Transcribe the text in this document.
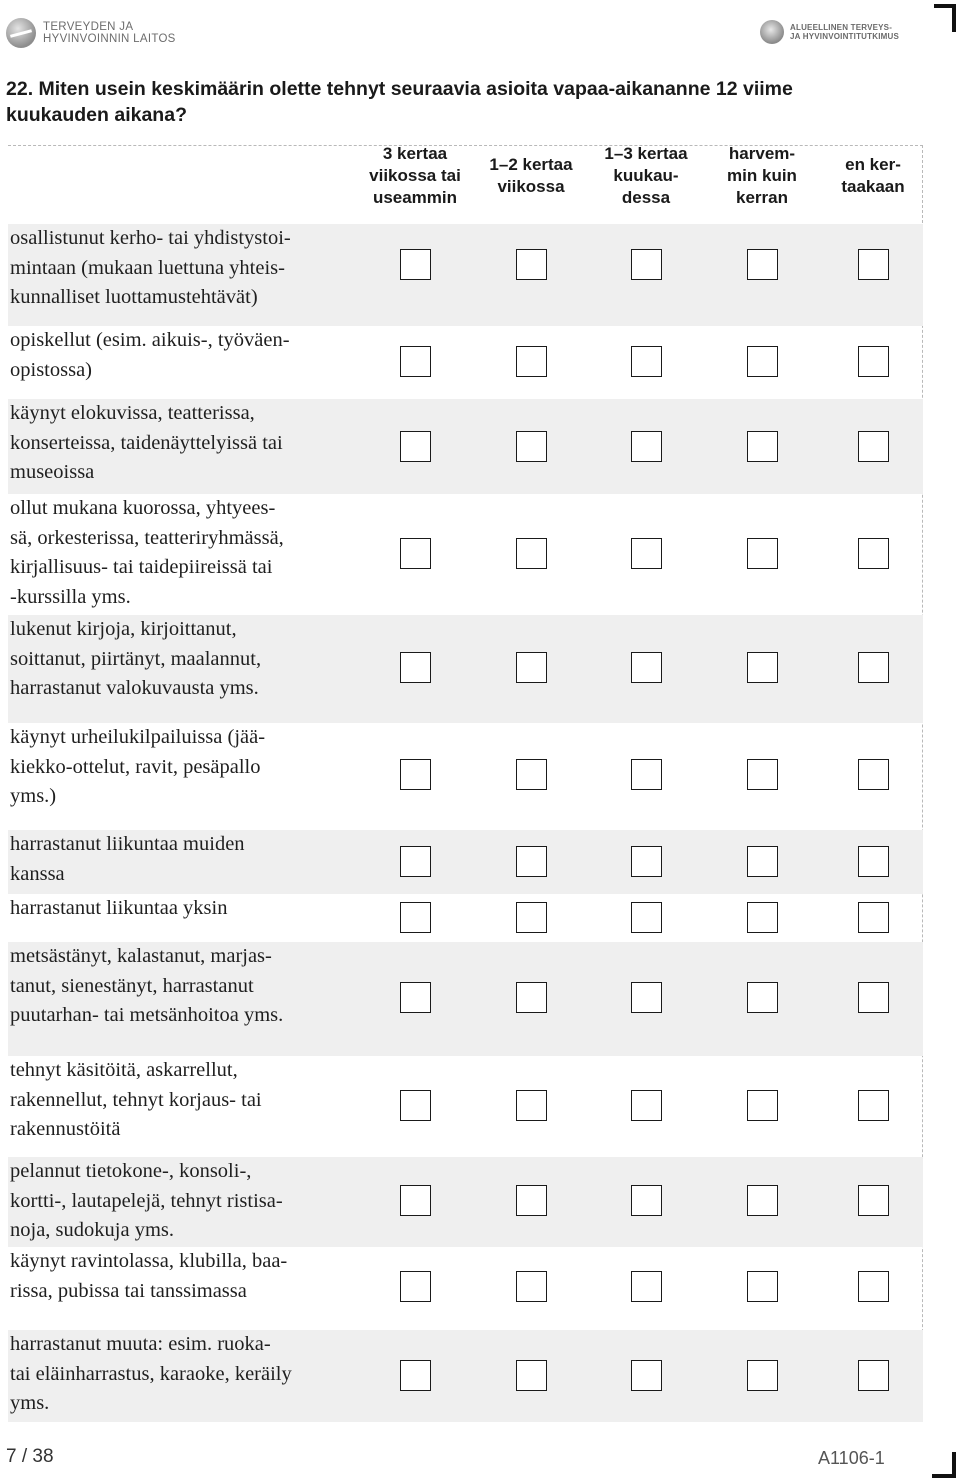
TERVEYDEN JA
HYVINVOINNIN LAITOS
ALUEELLINEN TERVEYS-
JA HYVINVOINTITUTKIMUS
22. Miten usein keskimäärin olette tehnyt seuraavia asioita vapaa-aikananne 12 viime kuukauden aikana?
3 kertaa
viikossa tai
useammin
1–2 kertaa
viikossa
1–3 kertaa
kuukau-
dessa
harvem-
min kuin
kerran
en ker-
taakaan
osallistunut kerho- tai yhdistystoi-
mintaan (mukaan luettuna yhteis-
kunnalliset luottamustehtävät)
opiskellut (esim. aikuis-, työväen-
opistossa)
käynyt elokuvissa, teatterissa,
konserteissa, taidenäyttelyissä tai
museoissa
ollut mukana kuorossa, yhtyees-
sä, orkesterissa, teatteriryhmässä,
kirjallisuus- tai taidepiireissä tai
-kurssilla yms.
lukenut kirjoja, kirjoittanut,
soittanut, piirtänyt, maalannut,
harrastanut valokuvausta yms.
käynyt urheilukilpailuissa (jää-
kiekko-ottelut, ravit, pesäpallo
yms.)
harrastanut liikuntaa muiden
kanssa
harrastanut liikuntaa yksin
metsästänyt, kalastanut, marjas-
tanut, sienestänyt, harrastanut
puutarhan- tai metsänhoitoa yms.
tehnyt käsitöitä, askarrellut,
rakennellut, tehnyt korjaus- tai
rakennustöitä
pelannut tietokone-, konsoli-,
kortti-, lautapelejä, tehnyt ristisa-
noja, sudokuja yms.
käynyt ravintolassa, klubilla, baa-
rissa, pubissa tai tanssimassa
harrastanut muuta: esim. ruoka-
tai eläinharrastus, karaoke, keräily
yms.
7 / 38	A1106-1
